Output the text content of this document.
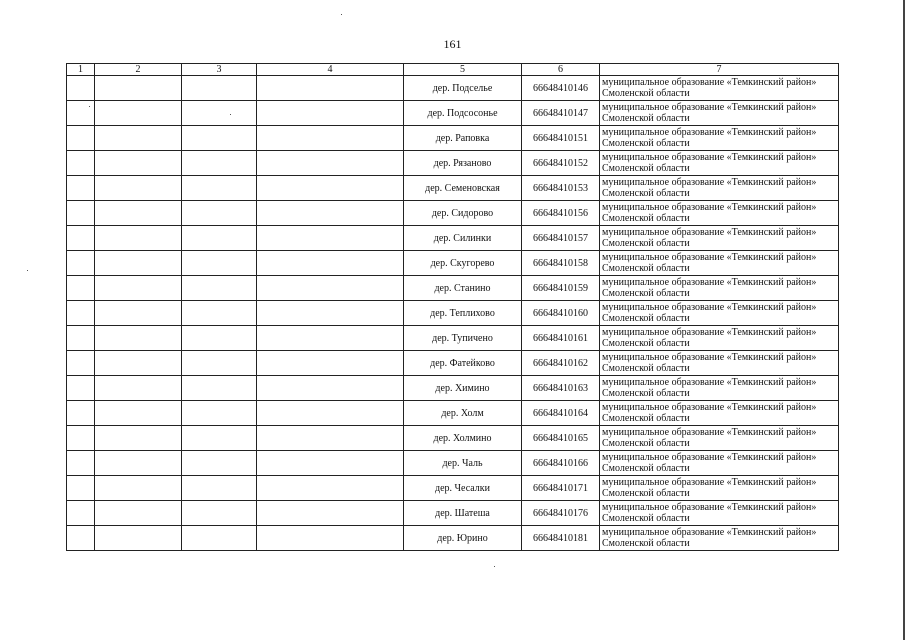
161
1	2	3	4	5	6	7
				дер. Подселье	66648410146	муниципальное образование «Темкинский район»
Смоленской области

				дер. Подсосонье	66648410147	муниципальное образование «Темкинский район»
Смоленской области

				дер. Раповка	66648410151	муниципальное образование «Темкинский район»
Смоленской области

				дер. Рязаново	66648410152	муниципальное образование «Темкинский район»
Смоленской области

				дер. Семеновская	66648410153	муниципальное образование «Темкинский район»
Смоленской области

				дер. Сидорово	66648410156	муниципальное образование «Темкинский район»
Смоленской области

				дер. Силинки	66648410157	муниципальное образование «Темкинский район»
Смоленской области

				дер. Скугорево	66648410158	муниципальное образование «Темкинский район»
Смоленской области

				дер. Станино	66648410159	муниципальное образование «Темкинский район»
Смоленской области

				дер. Теплихово	66648410160	муниципальное образование «Темкинский район»
Смоленской области

				дер. Тупичено	66648410161	муниципальное образование «Темкинский район»
Смоленской области

				дер. Фатейково	66648410162	муниципальное образование «Темкинский район»
Смоленской области

				дер. Химино	66648410163	муниципальное образование «Темкинский район»
Смоленской области

				дер. Холм	66648410164	муниципальное образование «Темкинский район»
Смоленской области

				дер. Холмино	66648410165	муниципальное образование «Темкинский район»
Смоленской области

				дер. Чаль	66648410166	муниципальное образование «Темкинский район»
Смоленской области

				дер. Чесалки	66648410171	муниципальное образование «Темкинский район»
Смоленской области

				дер. Шатеша	66648410176	муниципальное образование «Темкинский район»
Смоленской области

				дер. Юрино	66648410181	муниципальное образование «Темкинский район»
Смоленской области
